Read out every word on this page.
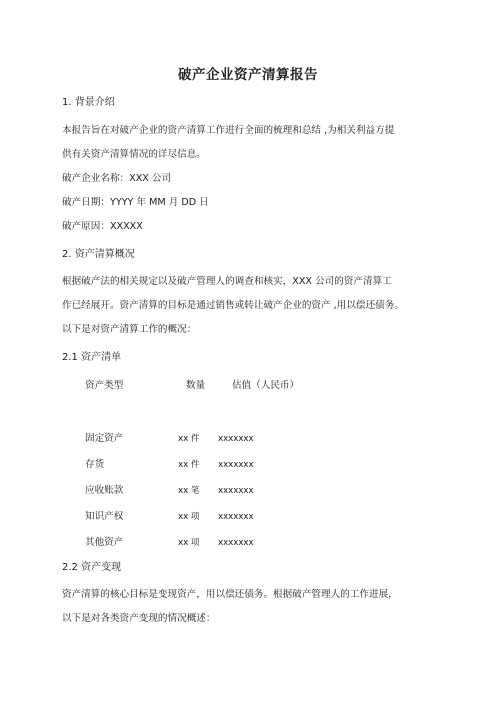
破产企业资产清算报告
1. 背景介绍
本报告旨在对破产企业的资产清算工作进行全面的梳理和总结 ,为相关利益方提
供有关资产清算情况的详尽信息。
破产企业名称：XXX 公司
破产日期：YYYY 年 MM 月 DD 日
破产原因：XXXXX
2. 资产清算概况
根据破产法的相关规定以及破产管理人的调查和核实，XXX 公司的资产清算工
作已经展开。资产清算的目标是通过销售或转让破产企业的资产 ,用以偿还债务。
以下是对资产清算工作的概况：
2.1 资产清单
资产类型	数量	估值（人民币）
固定资产	xx 件 xxxxxxx
存货	xx 件 xxxxxxx
应收账款	xx 笔 xxxxxxx
知识产权	xx 项 xxxxxxx
其他资产	xx 项 xxxxxxx
2.2 资产变现
资产清算的核心目标是变现资产，用以偿还债务。根据破产管理人的工作进展，
以下是对各类资产变现的情况概述：
